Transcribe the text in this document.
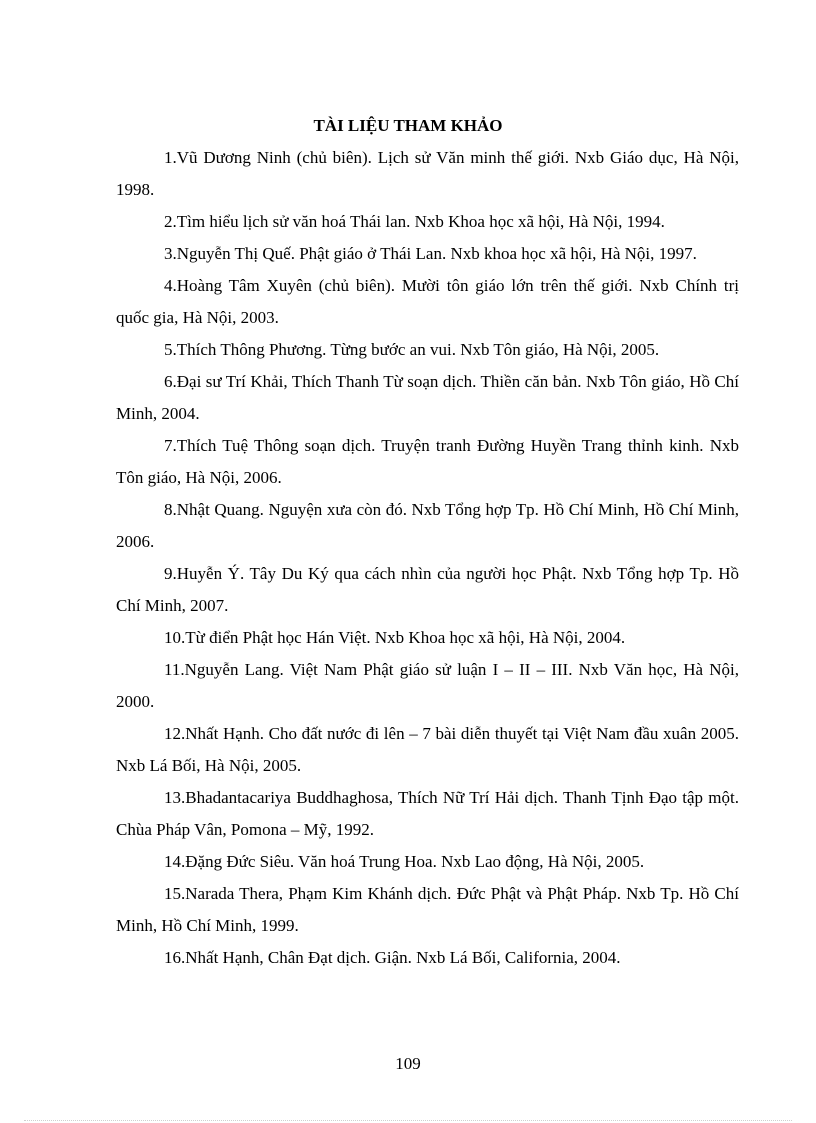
TÀI LIỆU THAM KHẢO

1.Vũ Dương Ninh (chủ biên). Lịch sử Văn minh thế giới. Nxb Giáo dục, Hà Nội, 1998.

2.Tìm hiểu lịch sử văn hoá Thái lan. Nxb Khoa học xã hội, Hà Nội, 1994.

3.Nguyễn Thị Quế. Phật giáo ở Thái Lan. Nxb khoa học xã hội, Hà Nội, 1997.

4.Hoàng Tâm Xuyên (chủ biên). Mười tôn giáo lớn trên thế giới. Nxb Chính trị quốc gia, Hà Nội, 2003.

5.Thích Thông Phương. Từng bước an vui. Nxb Tôn giáo, Hà Nội, 2005.

6.Đại sư Trí Khải, Thích Thanh Từ soạn dịch. Thiền căn bản. Nxb Tôn giáo, Hồ Chí Minh, 2004.

7.Thích Tuệ Thông soạn dịch. Truyện tranh Đường Huyền Trang thỉnh kinh. Nxb Tôn giáo, Hà Nội, 2006.

8.Nhật Quang. Nguyện xưa còn đó. Nxb Tổng hợp Tp. Hồ Chí Minh, Hồ Chí Minh, 2006.

9.Huyễn Ý. Tây Du Ký qua cách nhìn của người học Phật. Nxb Tổng hợp Tp. Hồ Chí Minh, 2007.

10.Từ điển Phật học Hán Việt. Nxb Khoa học xã hội, Hà Nội, 2004.

11.Nguyễn Lang. Việt Nam Phật giáo sử luận I – II – III. Nxb Văn học, Hà Nội, 2000.

12.Nhất Hạnh. Cho đất nước đi lên – 7 bài diễn thuyết tại Việt Nam đầu xuân 2005. Nxb Lá Bối, Hà Nội, 2005.

13.Bhadantacariya Buddhaghosa, Thích Nữ Trí Hải dịch. Thanh Tịnh Đạo tập một. Chùa Pháp Vân, Pomona – Mỹ, 1992.

14.Đặng Đức Siêu. Văn hoá Trung Hoa. Nxb Lao động, Hà Nội, 2005.

15.Narada Thera, Phạm Kim Khánh dịch. Đức Phật và Phật Pháp. Nxb Tp. Hồ Chí Minh, Hồ Chí Minh, 1999.

16.Nhất Hạnh, Chân Đạt dịch. Giận. Nxb Lá Bối, California, 2004.

109
